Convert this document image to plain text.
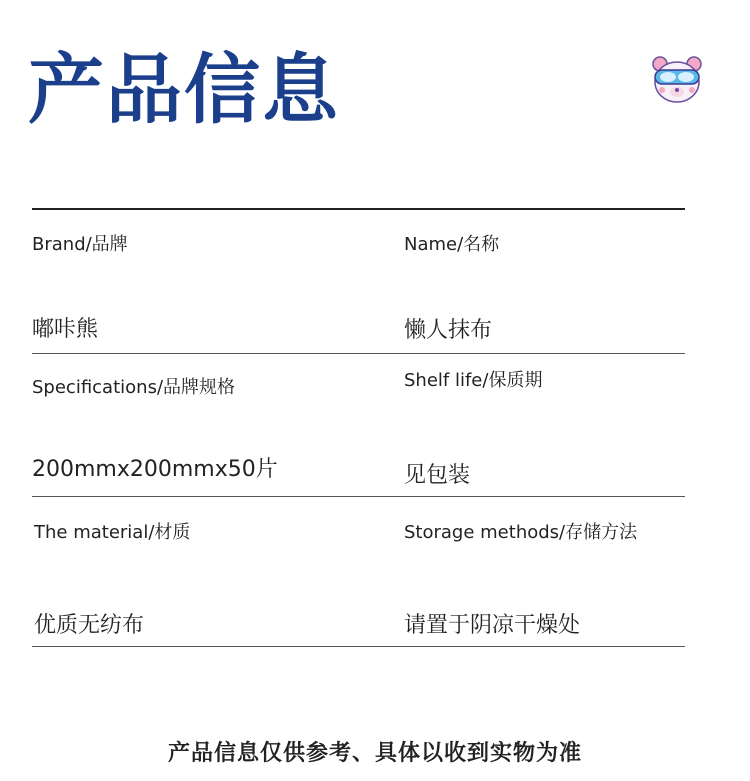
产品信息
Brand/品牌	Name/名称
嘟咔熊	懒人抹布
Specifications/品牌规格	Shelf life/保质期
200mmx200mmx50片	见包装
The material/材质	Storage methods/存储方法
优质无纺布	请置于阴凉干燥处
产品信息仅供参考、具体以收到实物为准
